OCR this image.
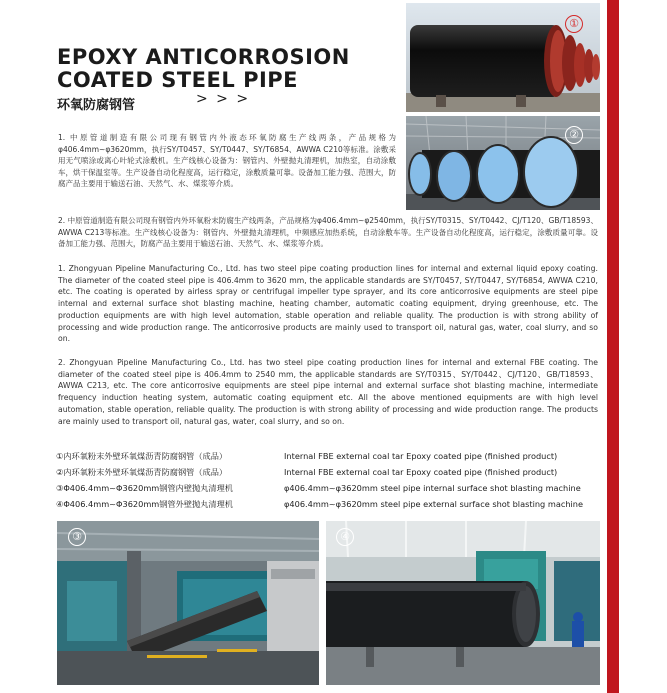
EPOXY ANTICORROSION
COATED STEEL PIPE
环氧防腐钢管	> > >
①
②
1. 中原管道制造有限公司现有钢管内外液态环氧防腐生产线两条，产品规格为φ406.4mm~φ3620mm，执行SY/T0457、SY/T0447、SY/T6854、AWWA C210等标准。涂敷采用无气喷涂或离心叶轮式涂敷机。生产线核心设备为：钢管内、外壁抛丸清理机，加热室，自动涂敷车，烘干保温室等。生产设备自动化程度高，运行稳定，涂敷质量可靠。设备加工能力强、范围大，防腐产品主要用于输送石油、天然气、水、煤浆等介质。
2. 中原管道制造有限公司现有钢管内外环氧粉末防腐生产线两条，产品规格为φ406.4mm~φ2540mm，执行SY/T0315、SY/T0442、CJ/T120、GB/T18593、AWWA C213等标准。生产线核心设备为：钢管内、外壁抛丸清理机，中频感应加热系统，自动涂敷车等。生产设备自动化程度高，运行稳定，涂敷质量可靠。设备加工能力强、范围大，防腐产品主要用于输送石油、天然气、水、煤浆等介质。
1. Zhongyuan Pipeline Manufacturing Co., Ltd. has two steel pipe coating production lines for internal and external liquid epoxy coating. The diameter of the coated steel pipe is 406.4mm to 3620 mm, the applicable standards are SY/T0457, SY/T0447, SY/T6854, AWWA C210, etc. The coating is operated by airless spray or centrifugal impeller type sprayer, and its core anticorrosive equipments are steel pipe internal and external surface shot blasting machine, heating chamber, automatic coating equipment, drying greenhouse, etc. The production equipments are with high level automation, stable operation and reliable quality. The production is with strong ability of processing and wide production range. The anticorrosive products are mainly used to transport oil, natural gas, water, coal slurry, and so on.
2. Zhongyuan Pipeline Manufacturing Co., Ltd. has two steel pipe coating production lines for internal and external FBE coating. The diameter of the coated steel pipe is 406.4mm to 2540 mm, the applicable standards are SY/T0315、SY/T0442、CJ/T120、GB/T18593、AWWA C213, etc. The core anticorrosive equipments are steel pipe internal and external surface shot blasting machine, intermediate frequency induction heating system, automatic coating equipment etc. All the above mentioned equipments are with high level automation, stable operation, reliable quality. The production is with strong ability of processing and wide production range. The products are mainly used to transport oil, natural gas, water, coal slurry, and so on.
①内环氧粉末外壁环氧煤沥青防腐钢管（成品）	Internal FBE external coal tar Epoxy coated pipe (finished product)
②内环氧粉末外壁环氧煤沥青防腐钢管（成品）	Internal FBE external coal tar Epoxy coated pipe (finished product)
③Φ406.4mm~Φ3620mm钢管内壁抛丸清理机	φ406.4mm~φ3620mm steel pipe internal surface shot blasting machine
④Φ406.4mm~Φ3620mm钢管外壁抛丸清理机	φ406.4mm~φ3620mm steel pipe external surface shot blasting machine
③	④
